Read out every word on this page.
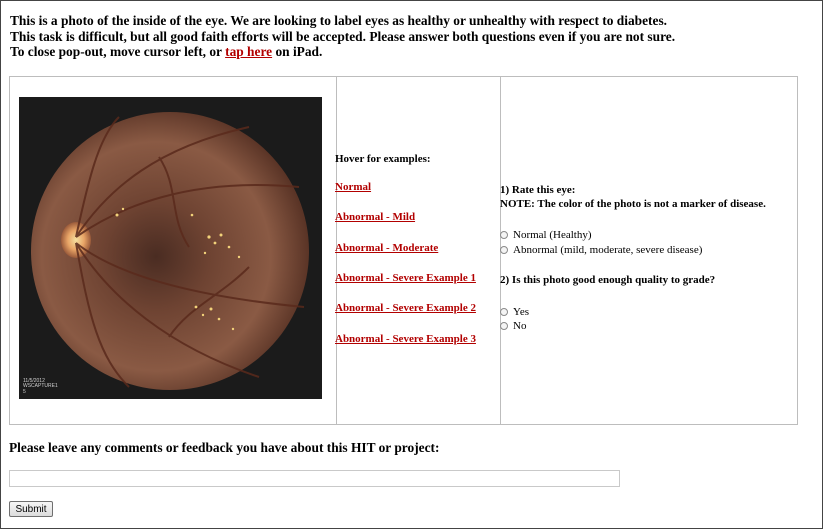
This is a photo of the inside of the eye. We are looking to label eyes as healthy or unhealthy with respect to diabetes.
This task is difficult, but all good faith efforts will be accepted. Please answer both questions even if you are not sure.
To close pop-out, move cursor left, or tap here on iPad.
11/5/2012
WSCAPTURE1
5
Hover for examples:
Normal
Abnormal - Mild
Abnormal - Moderate
Abnormal - Severe Example 1
Abnormal - Severe Example 2
Abnormal - Severe Example 3
1) Rate this eye:
NOTE: The color of the photo is not a marker of disease.
Normal (Healthy)
Abnormal (mild, moderate, severe disease)
2) Is this photo good enough quality to grade?
Yes
No
Please leave any comments or feedback you have about this HIT or project:
Submit
